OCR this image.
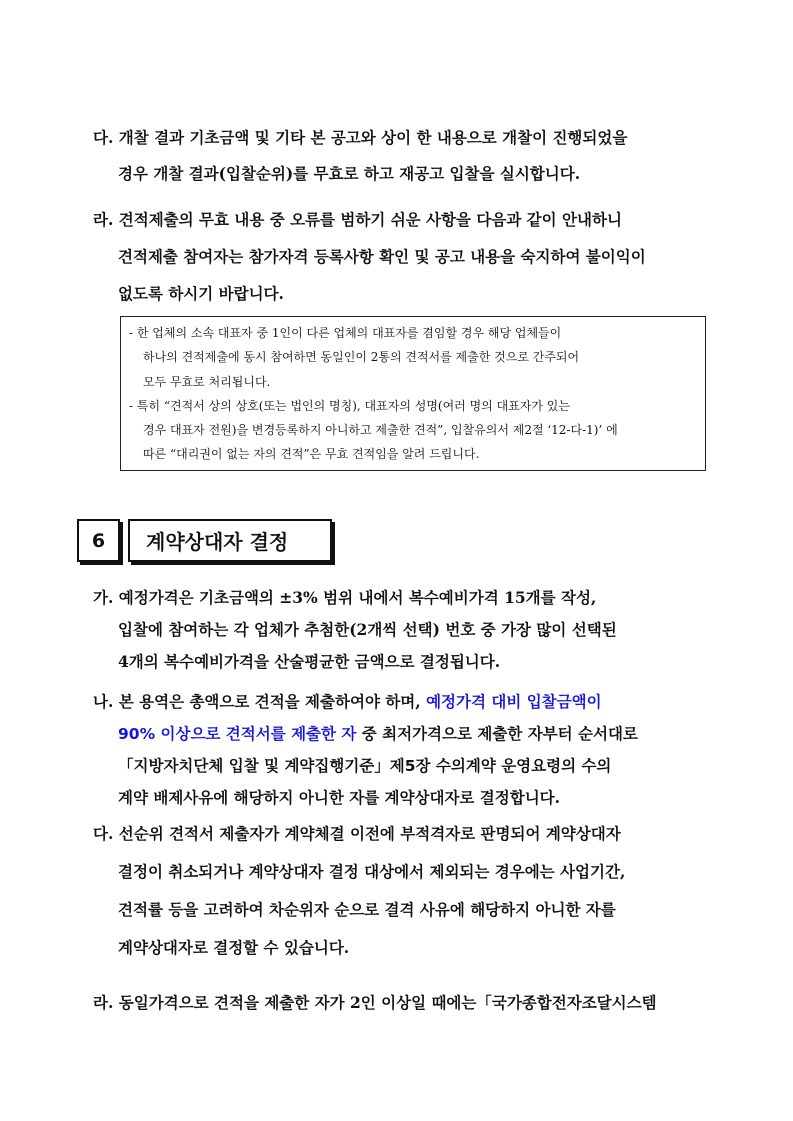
다. 개찰 결과 기초금액 및 기타 본 공고와 상이 한 내용으로 개찰이 진행되었을
경우 개찰 결과(입찰순위)를 무효로 하고 재공고 입찰을 실시합니다.
라. 견적제출의 무효 내용 중 오류를 범하기 쉬운 사항을 다음과 같이 안내하니
견적제출 참여자는 참가자격 등록사항 확인 및 공고 내용을 숙지하여 불이익이
없도록 하시기 바랍니다.
- 한 업체의 소속 대표자 중 1인이 다른 업체의 대표자를 겸임할 경우 해당 업체들이
하나의 견적제출에 동시 참여하면 동일인이 2통의 견적서를 제출한 것으로 간주되어
모두 무효로 처리됩니다.
- 특히 “견적서 상의 상호(또는 법인의 명칭), 대표자의 성명(여러 명의 대표자가 있는
경우 대표자 전원)을 변경등록하지 아니하고 제출한 견적”, 입찰유의서 제2절 ‘12-다-1)’ 에
따른 “대리권이 없는 자의 견적”은 무효 견적임을 알려 드립니다.
6	계약상대자 결정
가. 예정가격은 기초금액의 ±3% 범위 내에서 복수예비가격 15개를 작성,
입찰에 참여하는 각 업체가 추첨한(2개씩 선택) 번호 중 가장 많이 선택된
4개의 복수예비가격을 산술평균한 금액으로 결정됩니다.
나. 본 용역은 총액으로 견적을 제출하여야 하며, 예정가격 대비 입찰금액이
90% 이상으로 견적서를 제출한 자 중 최저가격으로 제출한 자부터 순서대로
「지방자치단체 입찰 및 계약집행기준」제5장 수의계약 운영요령의 수의
계약 배제사유에 해당하지 아니한 자를 계약상대자로 결정합니다.
다. 선순위 견적서 제출자가 계약체결 이전에 부적격자로 판명되어 계약상대자
결정이 취소되거나 계약상대자 결정 대상에서 제외되는 경우에는 사업기간,
견적률 등을 고려하여 차순위자 순으로 결격 사유에 해당하지 아니한 자를
계약상대자로 결정할 수 있습니다.
라. 동일가격으로 견적을 제출한 자가 2인 이상일 때에는「국가종합전자조달시스템
